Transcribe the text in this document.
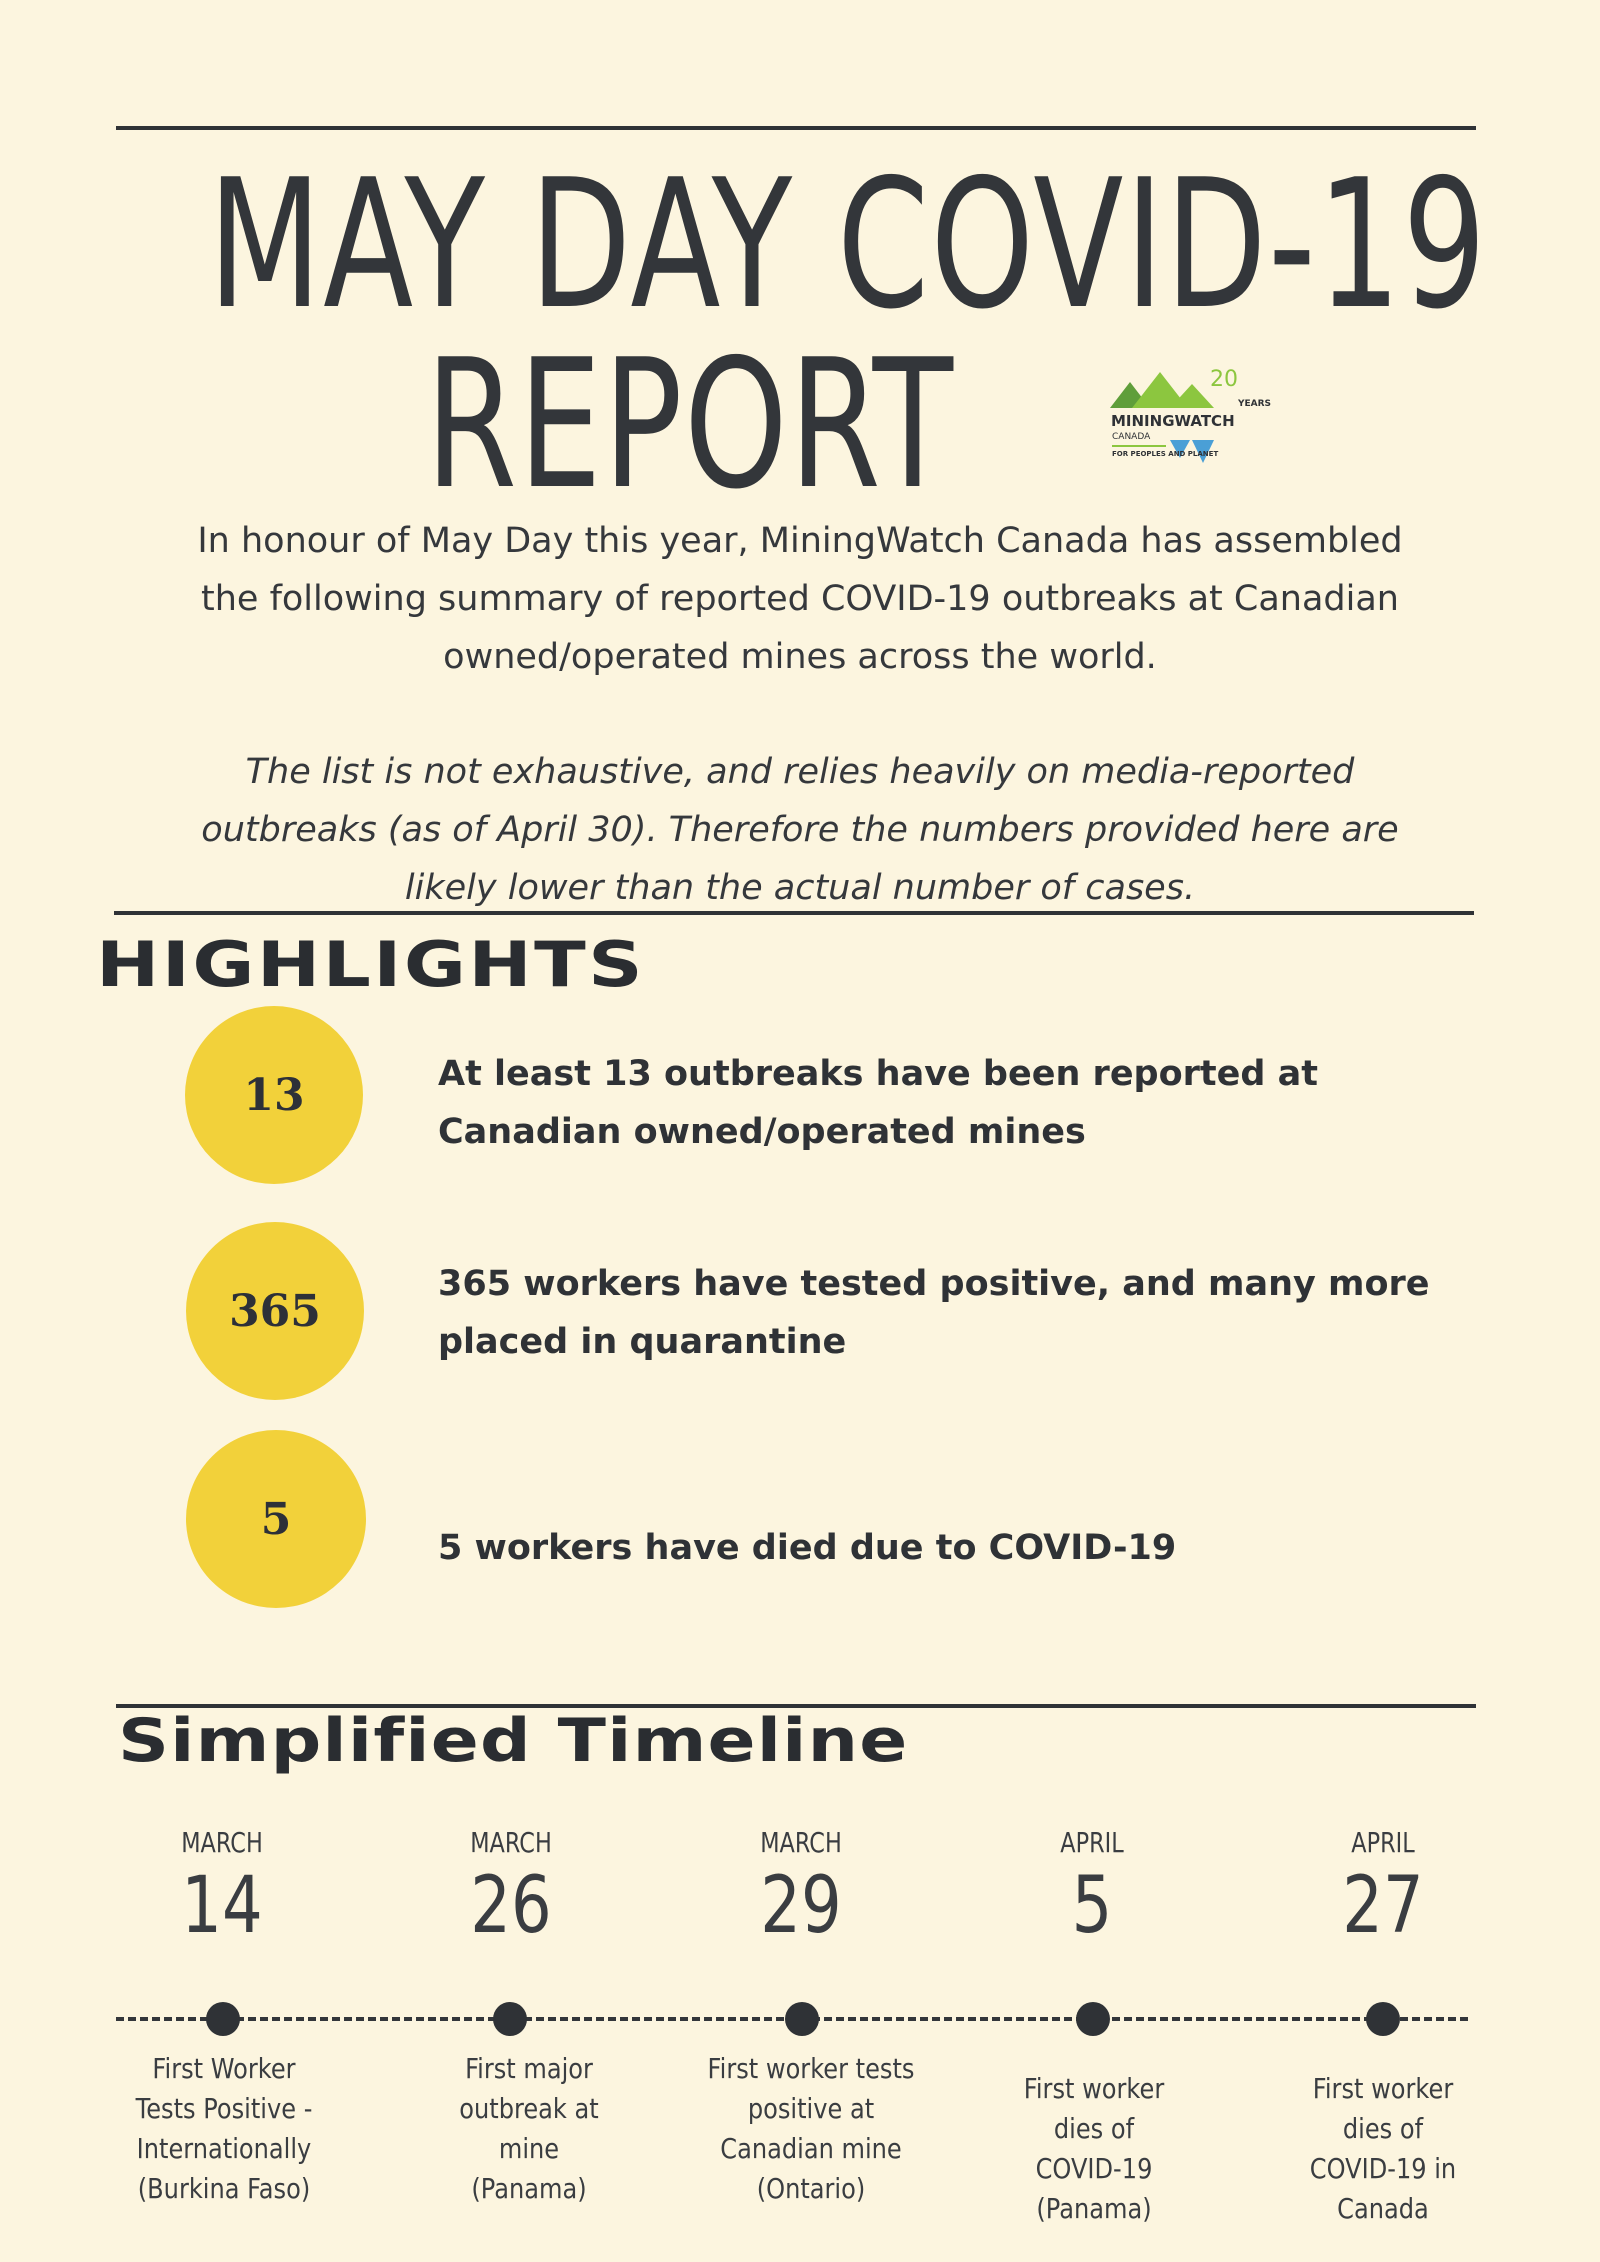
MAY DAY COVID-19
REPORT	20
YEARS
MININGWATCH
CANADA
FOR PEOPLES AND PLANET
In honour of May Day this year, MiningWatch Canada has assembled the following summary of reported COVID-19 outbreaks at Canadian owned/operated mines across the world.
The list is not exhaustive, and relies heavily on media-reported outbreaks (as of April 30). Therefore the numbers provided here are likely lower than the actual number of cases.
HIGHLIGHTS
13	At least 13 outbreaks have been reported at Canadian owned/operated mines
365
365 workers have tested positive, and many more placed in quarantine
5
5 workers have died due to COVID-19
Simplified Timeline
MARCH
14
MARCH
26
MARCH
29
APRIL
5
APRIL
27
First Worker Tests Positive - Internationally (Burkina Faso)
First major outbreak at mine (Panama)
First worker tests positive at Canadian mine (Ontario)
First worker dies of COVID-19 (Panama)
First worker dies of COVID-19 in Canada
